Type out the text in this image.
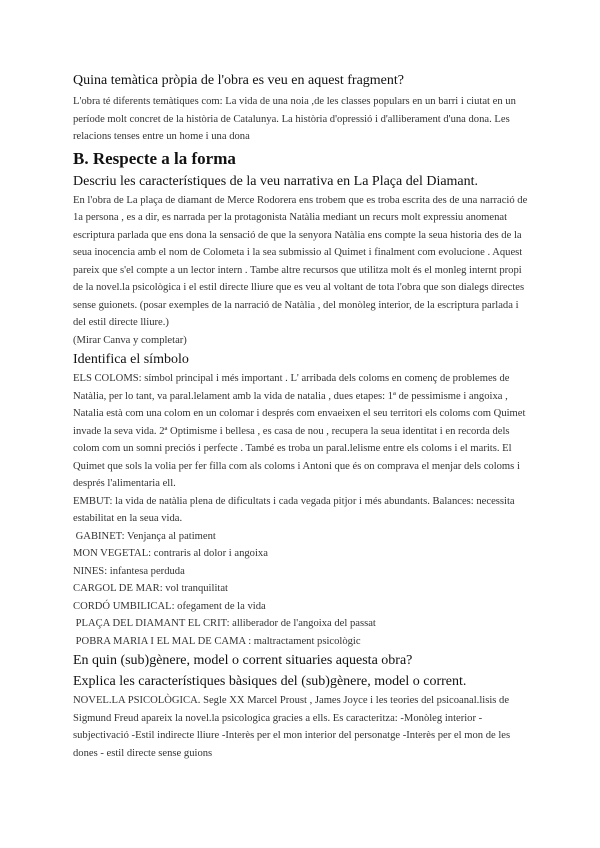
Quina temàtica pròpia de l'obra es veu en aquest fragment?

L'obra té diferents temàtiques com: La vida de una noia ,de les classes populars en un barri i ciutat en un període molt concret de la història de Catalunya. La història d'opressió i d'alliberament d'una dona. Les relacions tenses entre un home i una dona

B. Respecte a la forma
Descriu les característiques de la veu narrativa en La Plaça del Diamant.

En l'obra de La plaça de diamant de Merce Rodorera ens trobem que es troba escrita des de una narració de 1a persona , es a dir, es narrada per la protagonista Natàlia mediant un recurs molt expressiu anomenat escriptura parlada que ens dona la sensació de que la senyora Natàlia ens compte la seua historia des de la seua inocencia amb el nom de Colometa i la sea submissio al Quimet i finalment com evolucione . Aquest pareix que s'el compte a un lector intern . Tambe altre recursos que utilitza molt és el monleg internt propi de la novel.la psicològica i el estil directe lliure que es veu al voltant de tota l'obra que son dialegs directes sense guionets. (posar exemples de la narració de Natàlia , del monòleg interior, de la escriptura parlada i del estil directe lliure.)

(Mirar Canva y completar)

Identifica el símbolo

ELS COLOMS: símbol principal i més important . L' arribada dels coloms en començ de problemes de Natàlia, per lo tant, va paral.lelament amb la vida de natalia , dues etapes: 1ª de pessimisme i angoixa , Natalia està com una colom en un colomar i després com envaeixen el seu territori els coloms com Quimet invade la seva vida. 2ª Optimisme i bellesa , es casa de nou , recupera la seua identitat i en recorda dels colom com un somni preciós i perfecte . També es troba un paral.lelisme entre els coloms i el marits. El Quimet que sols la volia per fer filla com als coloms i Antoni que és on comprava el menjar dels coloms i després l'alimentaria ell.

EMBUT: la vida de natàlia plena de dificultats i cada vegada pitjor i més abundants. Balances: necessita estabilitat en la seua vida.

GABINET: Venjança al patiment

MON VEGETAL: contraris al dolor i angoixa

NINES: infantesa perduda

CARGOL DE MAR: vol tranquilitat

CORDÓ UMBILICAL: ofegament de la vida

PLAÇA DEL DIAMANT EL CRIT: alliberador de l'angoixa del passat

POBRA MARIA I EL MAL DE CAMA : maltractament psicològic

En quin (sub)gènere, model o corrent situaries aquesta obra?
Explica les característiques bàsiques del (sub)gènere, model o corrent.

NOVEL.LA PSICOLÒGICA. Segle XX Marcel Proust , James Joyce i les teories del psicoanal.lisis de Sigmund Freud apareix la novel.la psicologica gracies a ells. Es caracteritza: -Monòleg interior -subjectivació -Estil indirecte lliure -Interès per el mon interior del personatge -Interès per el mon de les dones - estil directe sense guions
